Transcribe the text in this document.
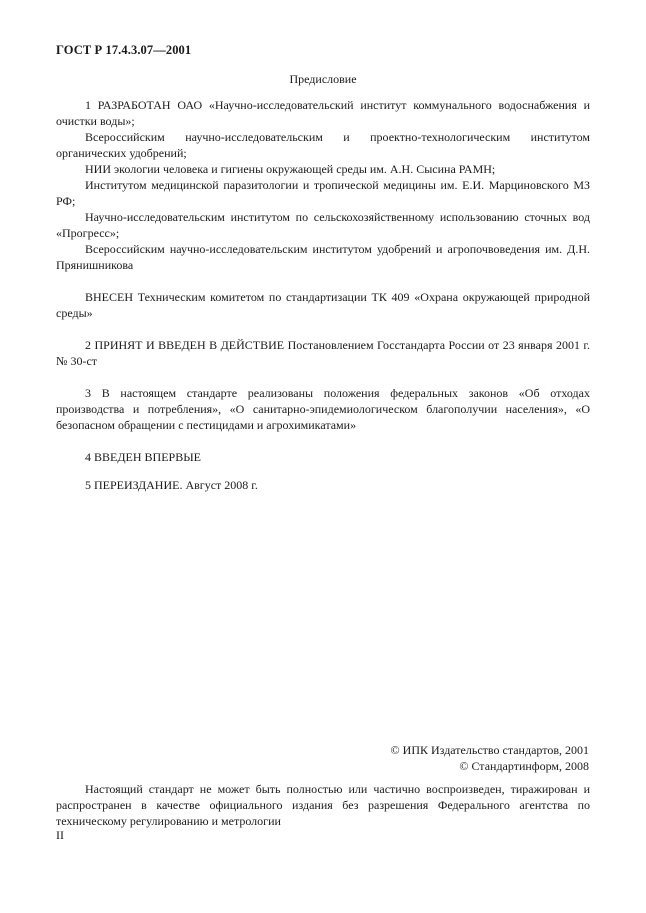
ГОСТ Р 17.4.3.07—2001
Предисловие

1 РАЗРАБОТАН ОАО «Научно-исследовательский институт коммунального водоснабжения и очистки воды»;

Всероссийским научно-исследовательским и проектно-технологическим институтом органических удобрений;

НИИ экологии человека и гигиены окружающей среды им. А.Н. Сысина РАМН;

Институтом медицинской паразитологии и тропической медицины им. Е.И. Марциновского МЗ РФ;

Научно-исследовательским институтом по сельскохозяйственному использованию сточных вод «Прогресс»;

Всероссийским научно-исследовательским институтом удобрений и агропочвоведения им. Д.Н. Прянишникова

ВНЕСЕН Техническим комитетом по стандартизации ТК 409 «Охрана окружающей природной среды»

2 ПРИНЯТ И ВВЕДЕН В ДЕЙСТВИЕ Постановлением Госстандарта России от 23 января 2001 г. № 30-ст

3 В настоящем стандарте реализованы положения федеральных законов «Об отходах производства и потребления», «О санитарно-эпидемиологическом благополучии населения», «О безопасном обращении с пестицидами и агрохимикатами»

4 ВВЕДЕН ВПЕРВЫЕ

5 ПЕРЕИЗДАНИЕ. Август 2008 г.

© ИПК Издательство стандартов, 2001
© Стандартинформ, 2008

Настоящий стандарт не может быть полностью или частично воспроизведен, тиражирован и распространен в качестве официального издания без разрешения Федерального агентства по техническому регулированию и метрологии

II
